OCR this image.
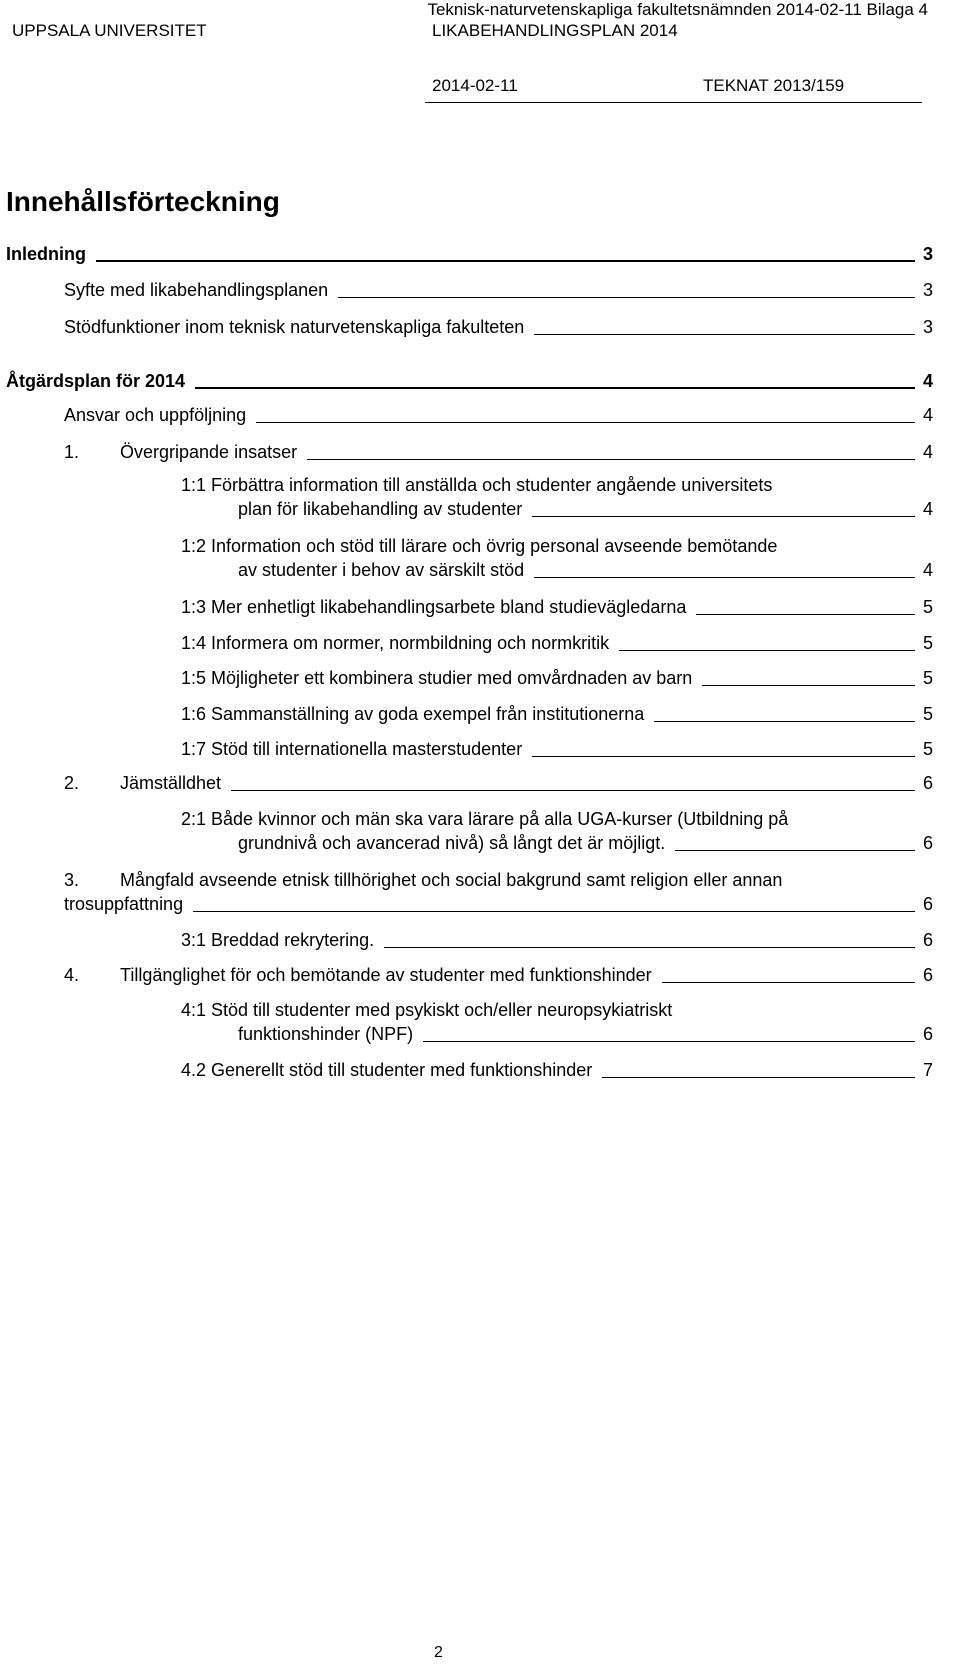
Teknisk-naturvetenskapliga fakultetsnämnden 2014-02-11 Bilaga 4
UPPSALA UNIVERSITET	LIKABEHANDLINGSPLAN 2014
2014-02-11	TEKNAT 2013/159
Innehållsförteckning
Inledning	3
Syfte med likabehandlingsplanen	3
Stödfunktioner inom teknisk naturvetenskapliga fakulteten	3
Åtgärdsplan för 2014	4
Ansvar och uppföljning	4
1. Övergripande insatser	4
1:1 Förbättra information till anställda och studenter angående universitets
plan för likabehandling av studenter	4
1:2 Information och stöd till lärare och övrig personal avseende bemötande
av studenter i behov av särskilt stöd	4
1:3 Mer enhetligt likabehandlingsarbete bland studievägledarna	5
1:4 Informera om normer, normbildning och normkritik	5
1:5 Möjligheter ett kombinera studier med omvårdnaden av barn	5
1:6 Sammanställning av goda exempel från institutionerna	5
1:7 Stöd till internationella masterstudenter	5
2. Jämställdhet	6
2:1 Både kvinnor och män ska vara lärare på alla UGA-kurser (Utbildning på
grundnivå och avancerad nivå) så långt det är möjligt.	6
3. Mångfald avseende etnisk tillhörighet och social bakgrund samt religion eller annan
trosuppfattning	6
3:1 Breddad rekrytering.	6
4. Tillgänglighet för och bemötande av studenter med funktionshinder	6
4:1 Stöd till studenter med psykiskt och/eller neuropsykiatriskt
funktionshinder (NPF)	6
4.2 Generellt stöd till studenter med funktionshinder	7
2
